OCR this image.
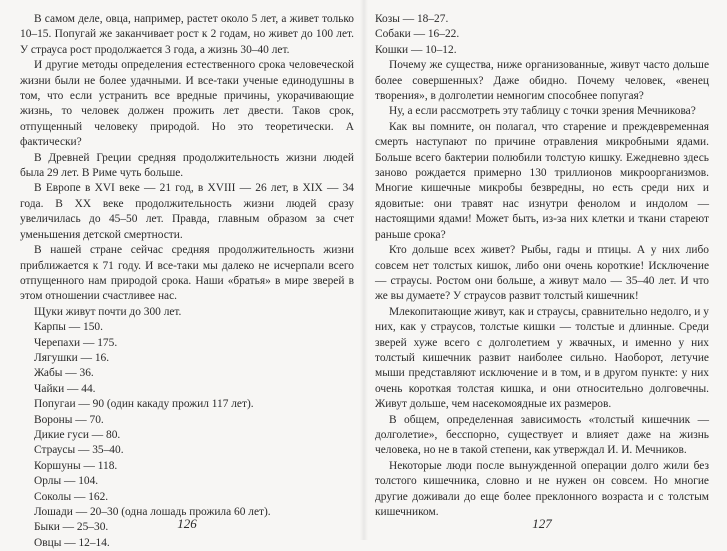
В самом деле, овца, например, растет около 5 лет, а живет только 10–15. Попугай же заканчивает рост к 2 годам, но живет до 100 лет. У страуса рост продолжается 3 года, а жизнь 30–40 лет.

И другие методы определения естественного срока человеческой жизни были не более удачными. И все-таки ученые единодушны в том, что если устранить все вредные причины, укорачивающие жизнь, то человек должен прожить лет двести. Таков срок, отпущенный человеку природой. Но это теоретически. А фактически?

В Древней Греции средняя продолжительность жизни людей была 29 лет. В Риме чуть больше.

В Европе в XVI веке — 21 год, в XVIII — 26 лет, в XIX — 34 года. В XX веке продолжительность жизни людей сразу увеличилась до 45–50 лет. Правда, главным образом за счет уменьшения детской смертности.

В нашей стране сейчас средняя продолжительность жизни приближается к 71 году. И все-таки мы далеко не исчерпали всего отпущенного нам природой срока. Наши «братья» в мире зверей в этом отношении счастливее нас.

Щуки живут почти до 300 лет.

Карпы — 150.
Черепахи — 175.
Лягушки — 16.
Жабы — 36.
Чайки — 44.
Попугаи — 90 (один какаду прожил 117 лет).
Вороны — 70.
Дикие гуси — 80.
Страусы — 35–40.
Коршуны — 118.
Орлы — 104.
Соколы — 162.
Лошади — 20–30 (одна лошадь прожила 60 лет).
Быки — 25–30.
Овцы — 12–14.
126
Козы — 18–27.
Собаки — 16–22.
Кошки — 10–12.

Почему же существа, ниже организованные, живут часто дольше более совершенных? Даже обидно. Почему человек, «венец творения», в долголетии немногим способнее попугая?

Ну, а если рассмотреть эту таблицу с точки зрения Мечникова?

Как вы помните, он полагал, что старение и преждевременная смерть наступают по причине отравления микробными ядами. Больше всего бактерии полюбили толстую кишку. Ежедневно здесь заново рождается примерно 130 триллионов микроорганизмов. Многие кишечные микробы безвредны, но есть среди них и ядовитые: они травят нас изнутри фенолом и индолом — настоящими ядами! Может быть, из-за них клетки и ткани стареют раньше срока?

Кто дольше всех живет? Рыбы, гады и птицы. А у них либо совсем нет толстых кишок, либо они очень короткие! Исключение — страусы. Ростом они больше, а живут мало — 35–40 лет. И что же вы думаете? У страусов развит толстый кишечник!

Млекопитающие живут, как и страусы, сравнительно недолго, и у них, как у страусов, толстые кишки — толстые и длинные. Среди зверей хуже всего с долголетием у жвачных, и именно у них толстый кишечник развит наиболее сильно. Наоборот, летучие мыши представляют исключение и в том, и в другом пункте: у них очень короткая толстая кишка, и они относительно долговечны. Живут дольше, чем насекомоядные их размеров.

В общем, определенная зависимость «толстый кишечник — долголетие», бесспорно, существует и влияет даже на жизнь человека, но не в такой степени, как утверждал И. И. Мечников.

Некоторые люди после вынужденной операции долго жили без толстого кишечника, словно и не нужен он совсем. Но многие другие доживали до еще более преклонного возраста и с толстым кишечником.

127
